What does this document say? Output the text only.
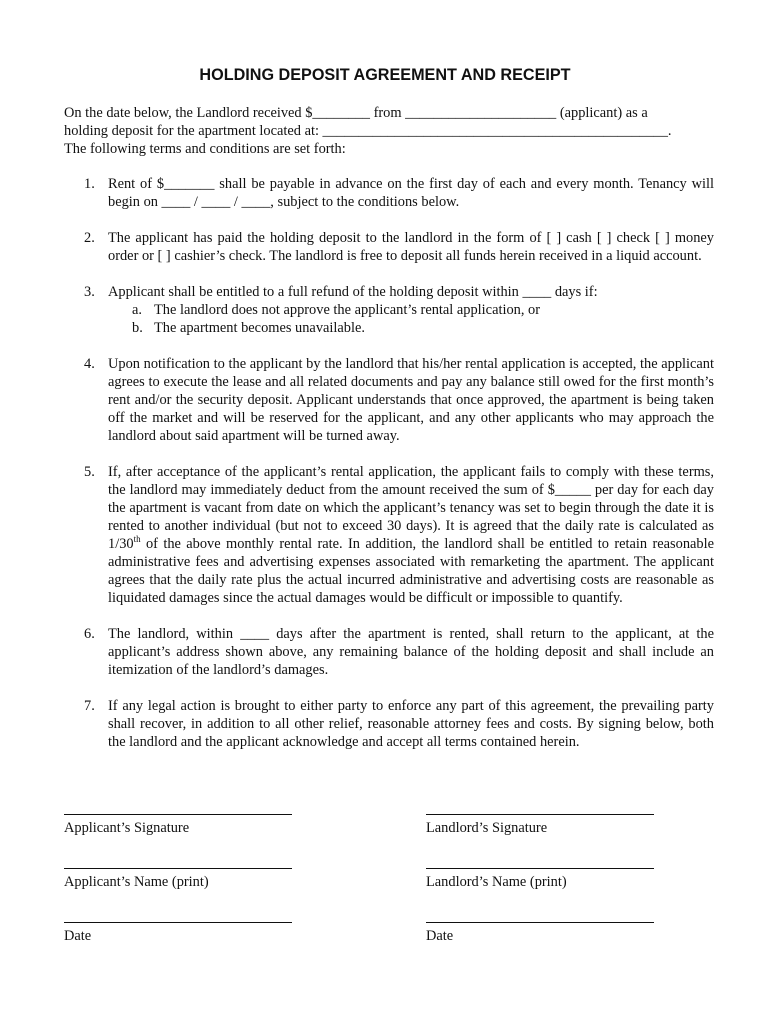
HOLDING DEPOSIT AGREEMENT AND RECEIPT

On the date below, the Landlord received $________ from _____________________ (applicant) as a

holding deposit for the apartment located at: ________________________________________________.

The following terms and conditions are set forth:

1. Rent of $_______ shall be payable in advance on the first day of each and every month. Tenancy will begin on ____ / ____ / ____, subject to the conditions below.
2. The applicant has paid the holding deposit to the landlord in the form of [ ] cash [ ] check [ ] money order or [ ] cashier’s check. The landlord is free to deposit all funds herein received in a liquid account.
3. Applicant shall be entitled to a full refund of the holding deposit within ____ days if:
a. The landlord does not approve the applicant’s rental application, or
b. The apartment becomes unavailable.
4. Upon notification to the applicant by the landlord that his/her rental application is accepted, the applicant agrees to execute the lease and all related documents and pay any balance still owed for the first month’s rent and/or the security deposit. Applicant understands that once approved, the apartment is being taken off the market and will be reserved for the applicant, and any other applicants who may approach the landlord about said apartment will be turned away.
5. If, after acceptance of the applicant’s rental application, the applicant fails to comply with these terms, the landlord may immediately deduct from the amount received the sum of $_____ per day for each day the apartment is vacant from date on which the applicant’s tenancy was set to begin through the date it is rented to another individual (but not to exceed 30 days). It is agreed that the daily rate is calculated as 1/30th of the above monthly rental rate. In addition, the landlord shall be entitled to retain reasonable administrative fees and advertising expenses associated with remarketing the apartment. The applicant agrees that the daily rate plus the actual incurred administrative and advertising costs are reasonable as liquidated damages since the actual damages would be difficult or impossible to quantify.
6. The landlord, within ____ days after the apartment is rented, shall return to the applicant, at the applicant’s address shown above, any remaining balance of the holding deposit and shall include an itemization of the landlord’s damages.
7. If any legal action is brought to either party to enforce any part of this agreement, the prevailing party shall recover, in addition to all other relief, reasonable attorney fees and costs. By signing below, both the landlord and the applicant acknowledge and accept all terms contained herein.
Applicant’s Signature	Landlord’s Signature
Applicant’s Name (print)	Landlord’s Name (print)
Date	Date
